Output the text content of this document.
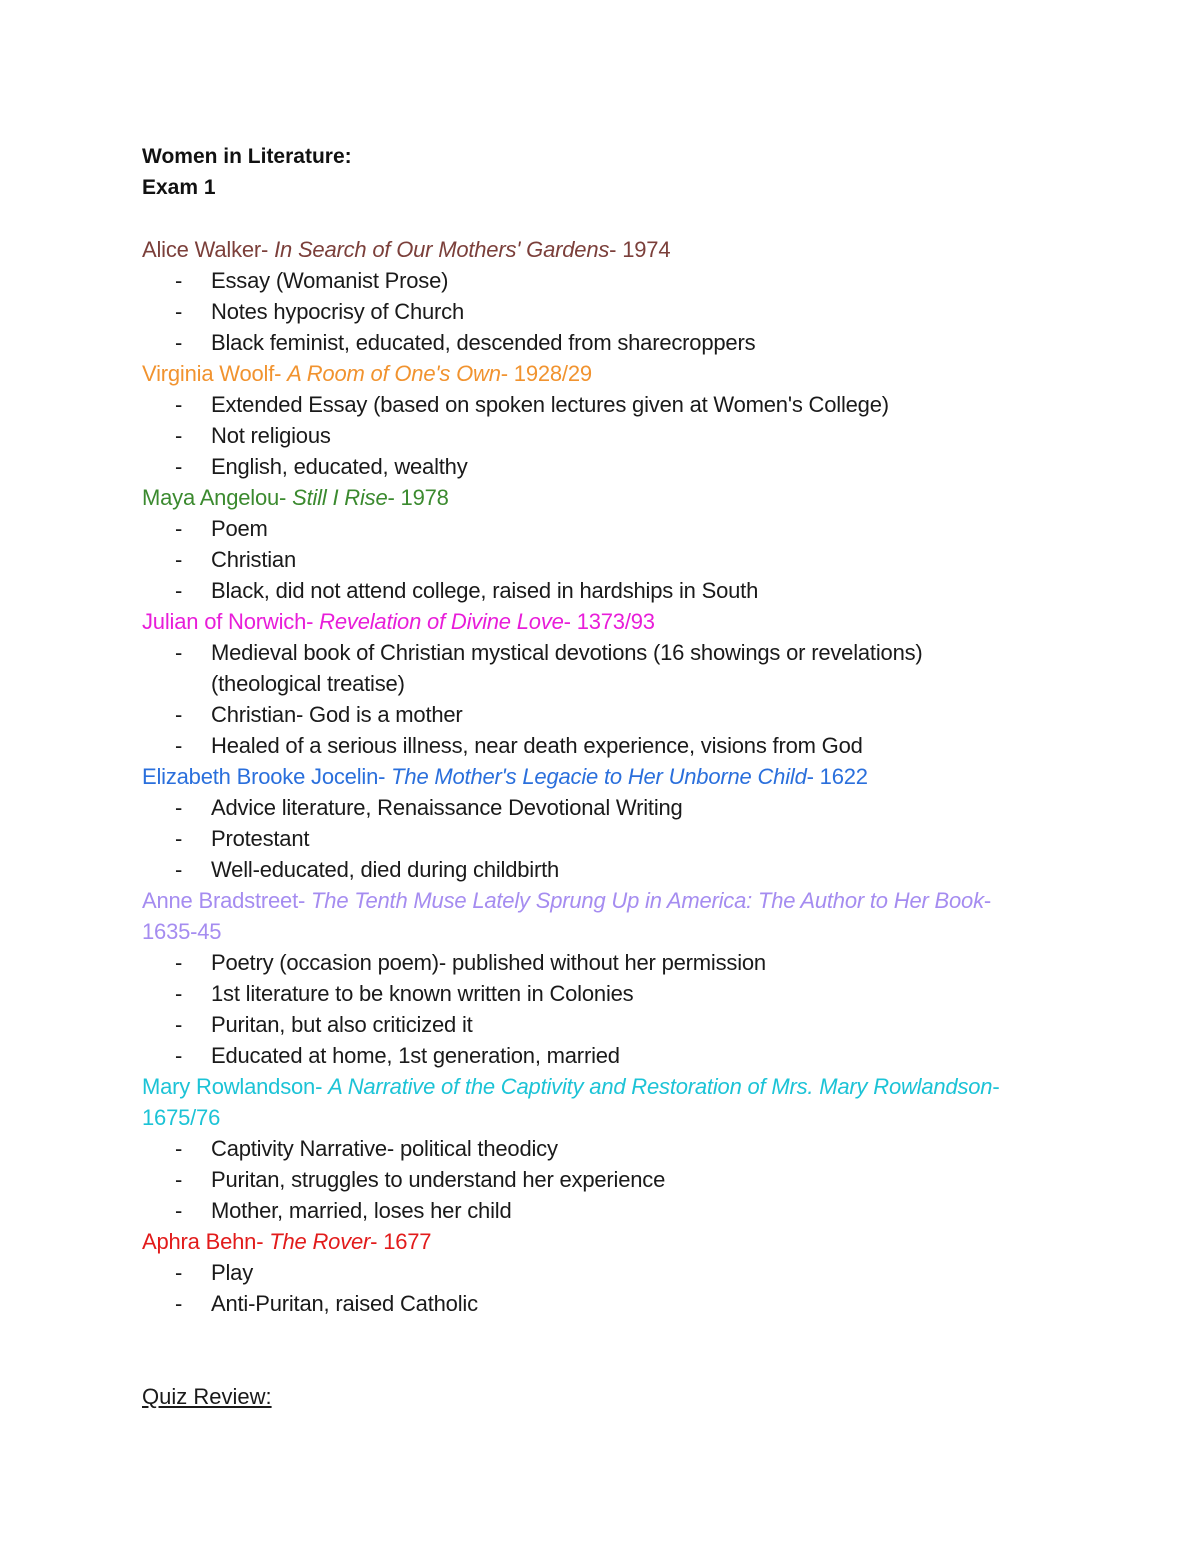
Women in Literature:
Exam 1
Alice Walker- In Search of Our Mothers' Gardens- 1974
- Essay (Womanist Prose)
- Notes hypocrisy of Church
- Black feminist, educated, descended from sharecroppers
Virginia Woolf- A Room of One's Own- 1928/29
- Extended Essay (based on spoken lectures given at Women's College)
- Not religious
- English, educated, wealthy
Maya Angelou- Still I Rise- 1978
- Poem
- Christian
- Black, did not attend college, raised in hardships in South
Julian of Norwich- Revelation of Divine Love- 1373/93
- Medieval book of Christian mystical devotions (16 showings or revelations) (theological treatise)
- Christian- God is a mother
- Healed of a serious illness, near death experience, visions from God
Elizabeth Brooke Jocelin- The Mother's Legacie to Her Unborne Child- 1622
- Advice literature, Renaissance Devotional Writing
- Protestant
- Well-educated, died during childbirth
Anne Bradstreet- The Tenth Muse Lately Sprung Up in America: The Author to Her Book- 1635-45
- Poetry (occasion poem)- published without her permission
- 1st literature to be known written in Colonies
- Puritan, but also criticized it
- Educated at home, 1st generation, married
Mary Rowlandson- A Narrative of the Captivity and Restoration of Mrs. Mary Rowlandson- 1675/76
- Captivity Narrative- political theodicy
- Puritan, struggles to understand her experience
- Mother, married, loses her child
Aphra Behn- The Rover- 1677
- Play
- Anti-Puritan, raised Catholic
Quiz Review:
